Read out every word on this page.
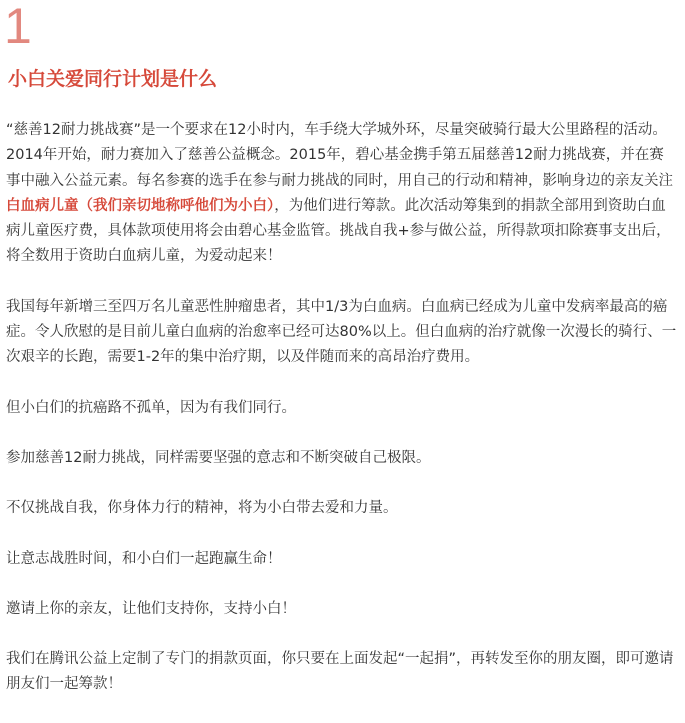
1
小白关爱同行计划是什么

“慈善12耐力挑战赛”是一个要求在12小时内，车手绕大学城外环，尽量突破骑行最大公里路程的活动。2014年开始，耐力赛加入了慈善公益概念。2015年，碧心基金携手第五届慈善12耐力挑战赛，并在赛事中融入公益元素。每名参赛的选手在参与耐力挑战的同时，用自己的行动和精神，影响身边的亲友关注白血病儿童（我们亲切地称呼他们为小白），为他们进行筹款。此次活动筹集到的捐款全部用到资助白血病儿童医疗费，具体款项使用将会由碧心基金监管。挑战自我+参与做公益，所得款项扣除赛事支出后，将全数用于资助白血病儿童，为爱动起来！

我国每年新增三至四万名儿童恶性肿瘤患者，其中1/3为白血病。白血病已经成为儿童中发病率最高的癌症。令人欣慰的是目前儿童白血病的治愈率已经可达80%以上。但白血病的治疗就像一次漫长的骑行、一次艰辛的长跑，需要1-2年的集中治疗期，以及伴随而来的高昂治疗费用。

但小白们的抗癌路不孤单，因为有我们同行。

参加慈善12耐力挑战，同样需要坚强的意志和不断突破自己极限。

不仅挑战自我，你身体力行的精神，将为小白带去爱和力量。

让意志战胜时间，和小白们一起跑赢生命！

邀请上你的亲友，让他们支持你，支持小白！

我们在腾讯公益上定制了专门的捐款页面，你只要在上面发起“一起捐”，再转发至你的朋友圈，即可邀请朋友们一起筹款！
